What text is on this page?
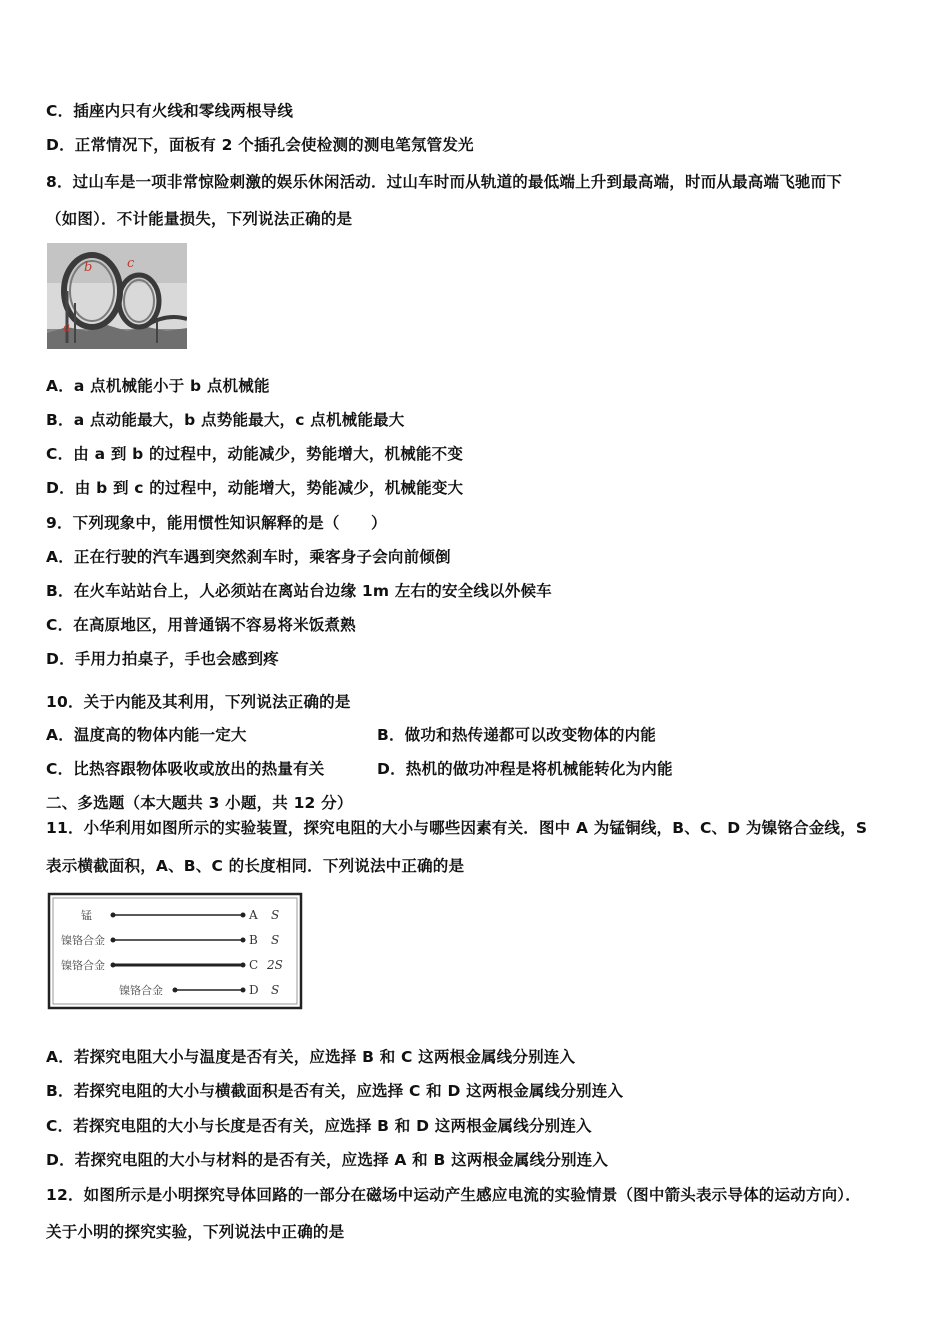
C．插座内只有火线和零线两根导线
D．正常情况下，面板有 2 个插孔会使检测的测电笔氖管发光
8．过山车是一项非常惊险刺激的娱乐休闲活动．过山车时而从轨道的最低端上升到最高端，时而从最高端飞驰而下
（如图）．不计能量损失，下列说法正确的是
b	c
a
A．a 点机械能小于 b 点机械能
B．a 点动能最大，b 点势能最大，c 点机械能最大
C．由 a 到 b 的过程中，动能减少，势能增大，机械能不变
D．由 b 到 c 的过程中，动能增大，势能减少，机械能变大
9．下列现象中，能用惯性知识解释的是（　　）
A．正在行驶的汽车遇到突然刹车时，乘客身子会向前倾倒
B．在火车站站台上，人必须站在离站台边缘 1m 左右的安全线以外候车
C．在高原地区，用普通锅不容易将米饭煮熟
D．手用力拍桌子，手也会感到疼
10．关于内能及其利用，下列说法正确的是
A．温度高的物体内能一定大	B．做功和热传递都可以改变物体的内能
C．比热容跟物体吸收或放出的热量有关	D．热机的做功冲程是将机械能转化为内能
二、多选题（本大题共 3 小题，共 12 分）
11．小华利用如图所示的实验装置，探究电阻的大小与哪些因素有关．图中 A 为锰铜线，B、C、D 为镍铬合金线，S
表示横截面积，A、B、C 的长度相同．下列说法中正确的是
锰	A S
镍铬合金	B S
镍铬合金	C 2S
镍铬合金	D S
A．若探究电阻大小与温度是否有关，应选择 B 和 C 这两根金属线分别连入
B．若探究电阻的大小与横截面积是否有关，应选择 C 和 D 这两根金属线分别连入
C．若探究电阻的大小与长度是否有关，应选择 B 和 D 这两根金属线分别连入
D．若探究电阻的大小与材料的是否有关，应选择 A 和 B 这两根金属线分别连入
12．如图所示是小明探究导体回路的一部分在磁场中运动产生感应电流的实验情景（图中箭头表示导体的运动方向）．
关于小明的探究实验，下列说法中正确的是
